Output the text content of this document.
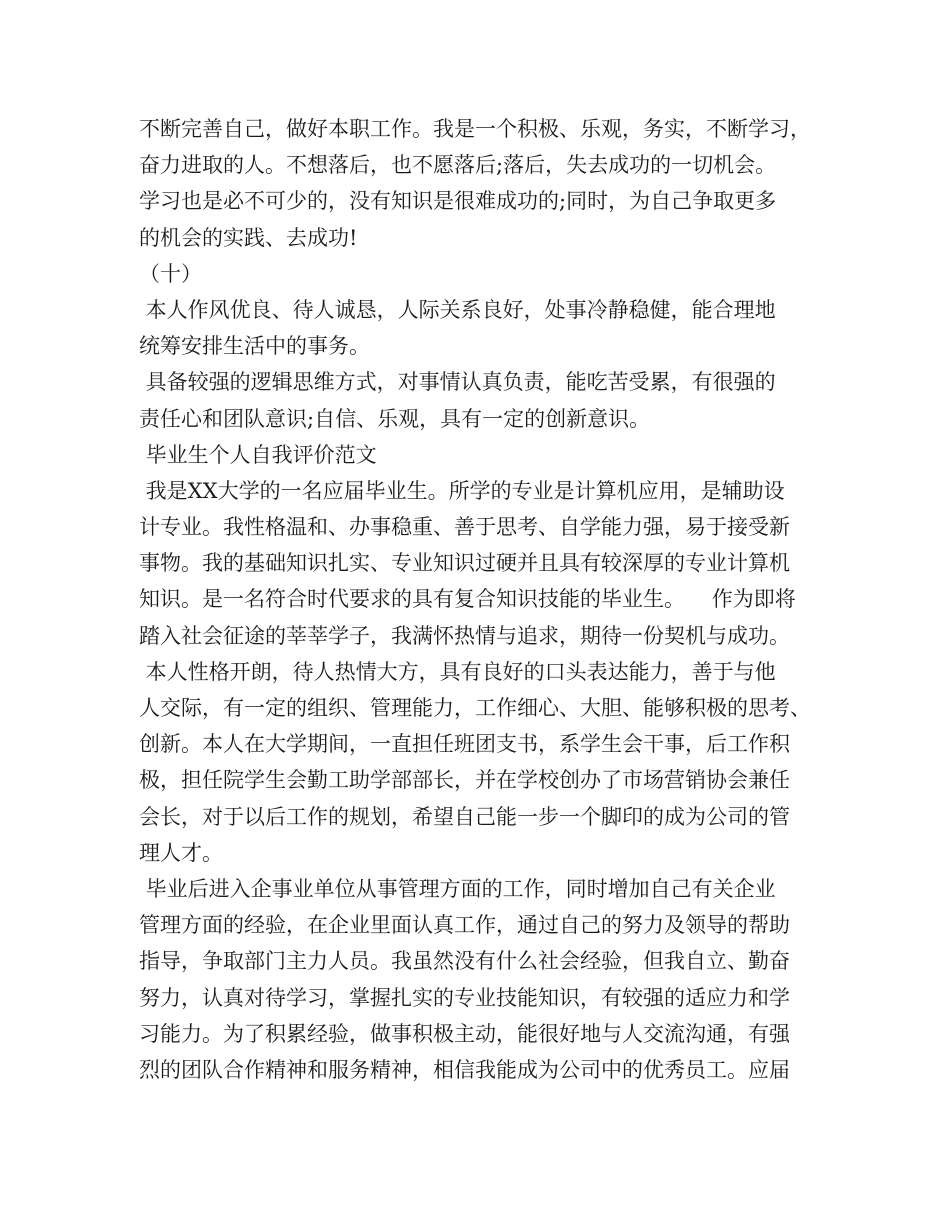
不断完善自己，做好本职工作。我是一个积极、乐观，务实，不断学习，
奋力进取的人。不想落后，也不愿落后;落后，失去成功的一切机会。
学习也是必不可少的，没有知识是很难成功的;同时，为自己争取更多
的机会的实践、去成功!
（十）
本人作风优良、待人诚恳，人际关系良好，处事冷静稳健，能合理地
统筹安排生活中的事务。
具备较强的逻辑思维方式，对事情认真负责，能吃苦受累，有很强的
责任心和团队意识;自信、乐观，具有一定的创新意识。
毕业生个人自我评价范文
我是XX大学的一名应届毕业生。所学的专业是计算机应用，是辅助设
计专业。我性格温和、办事稳重、善于思考、自学能力强，易于接受新
事物。我的基础知识扎实、专业知识过硬并且具有较深厚的专业计算机
知识。是一名符合时代要求的具有复合知识技能的毕业生。    作为即将
踏入社会征途的莘莘学子，我满怀热情与追求，期待一份契机与成功。
本人性格开朗，待人热情大方，具有良好的口头表达能力，善于与他
人交际，有一定的组织、管理能力，工作细心、大胆、能够积极的思考、
创新。本人在大学期间，一直担任班团支书，系学生会干事，后工作积
极，担任院学生会勤工助学部部长，并在学校创办了市场营销协会兼任
会长，对于以后工作的规划，希望自己能一步一个脚印的成为公司的管
理人才。
毕业后进入企事业单位从事管理方面的工作，同时增加自己有关企业
管理方面的经验，在企业里面认真工作，通过自己的努力及领导的帮助
指导，争取部门主力人员。我虽然没有什么社会经验，但我自立、勤奋
努力，认真对待学习，掌握扎实的专业技能知识，有较强的适应力和学
习能力。为了积累经验，做事积极主动，能很好地与人交流沟通，有强
烈的团队合作精神和服务精神，相信我能成为公司中的优秀员工。应届
